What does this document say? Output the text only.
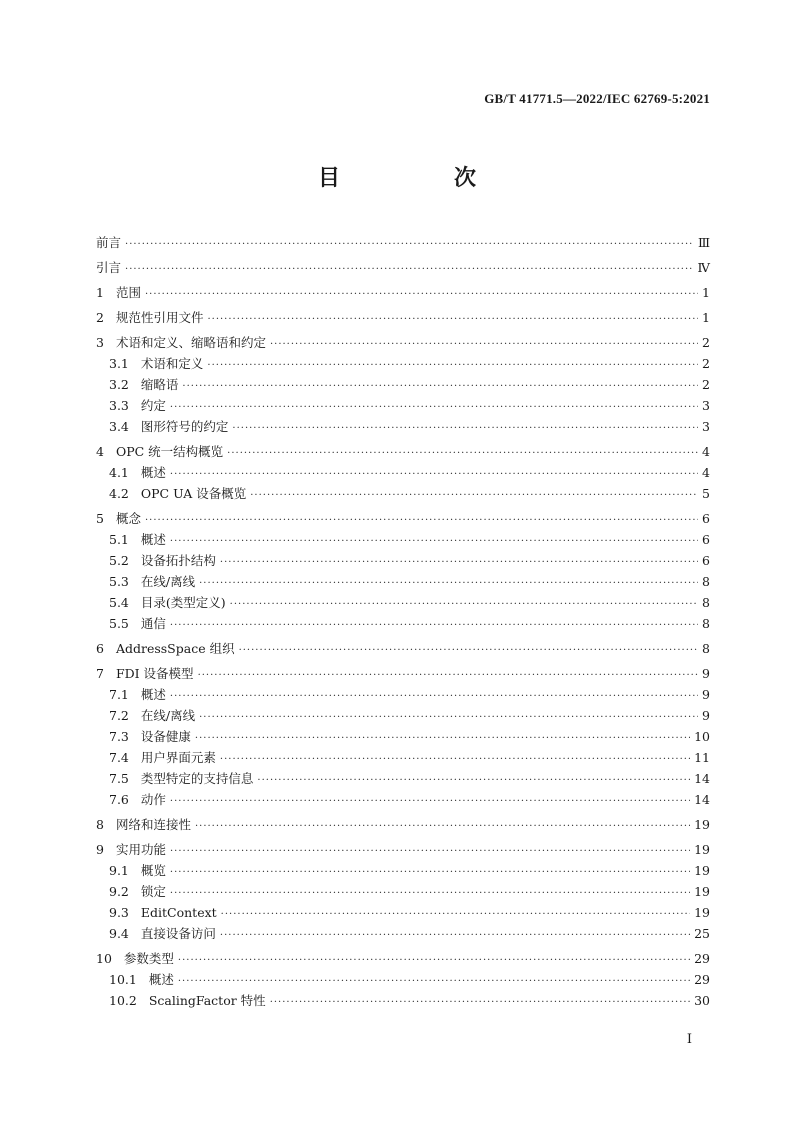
GB/T 41771.5—2022/IEC 62769-5:2021
目　次
前言 ·····	Ⅲ
引言 ·····	Ⅳ
1 范围 ·····	1
2 规范性引用文件 ·····	1
3 术语和定义、缩略语和约定 ·····	2
3.1 术语和定义 ·····	2
3.2 缩略语 ·····	2
3.3 约定 ·····	3
3.4 图形符号的约定 ·····	3
4 OPC 统一结构概览 ·····	4
4.1 概述 ·····	4
4.2 OPC UA 设备概览 ·····	5
5 概念 ·····	6
5.1 概述 ·····	6
5.2 设备拓扑结构 ·····	6
5.3 在线/离线 ·····	8
5.4 目录(类型定义) ·····	8
5.5 通信 ·····	8
6 AddressSpace 组织 ·····	8
7 FDI 设备模型 ·····	9
7.1 概述 ·····	9
7.2 在线/离线 ·····	9
7.3 设备健康 ·····	10
7.4 用户界面元素 ·····	11
7.5 类型特定的支持信息 ·····	14
7.6 动作 ·····	14
8 网络和连接性 ·····	19
9 实用功能 ·····	19
9.1 概览 ·····	19
9.2 锁定 ·····	19
9.3 EditContext ·····	19
9.4 直接设备访问 ·····	25
10 参数类型 ·····	29
10.1 概述 ·····	29
10.2 ScalingFactor 特性 ·····	30
I
